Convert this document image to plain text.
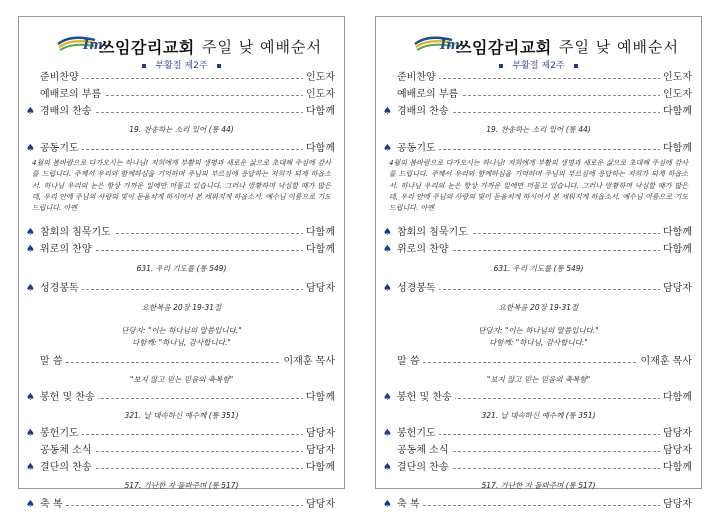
Im
쓰임감리교회 주일 낮 예배순서
부활절 제2주
준비찬양	인도자
예배로의 부름	인도자
♠ 경배의 찬송	다함께
19. 찬송하는 소리 있어 (통 44)
♠ 공동기도	다함께
4월의 봄바람으로 다가오시는 하나님! 저희에게 부활의 생명과 새로운 삶으로 초대해 주심에 감사를 드립니다. 주께서 우리와 함께하심을 기억하며 주님의 부르심에 응답하는 저희가 되게 하옵소서. 하나님 우리의 눈은 항상 가까운 일에만 머물고 있습니다. 그러나 방황하며 낙심할 때가 많은데, 우리 안에 주님의 사랑의 빛이 돋움치게 하시어서 본 세워지게 하옵소서. 예수님 이름으로 기도드립니다. 아멘
♠ 참회의 침묵기도	다함께
♠ 위로의 찬양	다함께
631. 우리 기도를 (통 549)
♠ 성경봉독	담당자
요한복음 20장 19-31절
단당자: "이는 하나님의 말씀입니다."
다함께: "하나님, 감사합니다."
말 씀	이재훈 목사
"보지 않고 믿는 믿음의 축복함"
♠ 봉헌 및 찬송	다함께
321. 날 대속하신 예수께 (통 351)
♠ 봉헌기도	담당자
공동체 소식	담당자
♠ 결단의 찬송	다함께
517. 가난한 자 돌봐주며 (통 517)
♠ 축 복	담당자
Im
쓰임감리교회 주일 낮 예배순서
부활절 제2주
준비찬양	인도자
예배로의 부름	인도자
♠ 경배의 찬송	다함께
19. 찬송하는 소리 있어 (통 44)
♠ 공동기도	다함께
4월의 봄바람으로 다가오시는 하나님! 저희에게 부활의 생명과 새로운 삶으로 초대해 주심에 감사를 드립니다. 주께서 우리와 함께하심을 기억하며 주님의 부르심에 응답하는 저희가 되게 하옵소서. 하나님 우리의 눈은 항상 가까운 일에만 머물고 있습니다. 그러나 방황하며 낙심할 때가 많은데, 우리 안에 주님의 사랑의 빛이 돋움치게 하시어서 본 세워지게 하옵소서. 예수님 이름으로 기도드립니다. 아멘
♠ 참회의 침묵기도	다함께
♠ 위로의 찬양	다함께
631. 우리 기도를 (통 549)
♠ 성경봉독	담당자
요한복음 20장 19-31절
단당자: "이는 하나님의 말씀입니다."
다함께: "하나님, 감사합니다."
말 씀	이재훈 목사
"보지 않고 믿는 믿음의 축복함"
♠ 봉헌 및 찬송	다함께
321. 날 대속하신 예수께 (통 351)
♠ 봉헌기도	담당자
공동체 소식	담당자
♠ 결단의 찬송	다함께
517. 가난한 자 돌봐주며 (통 517)
♠ 축 복	담당자
